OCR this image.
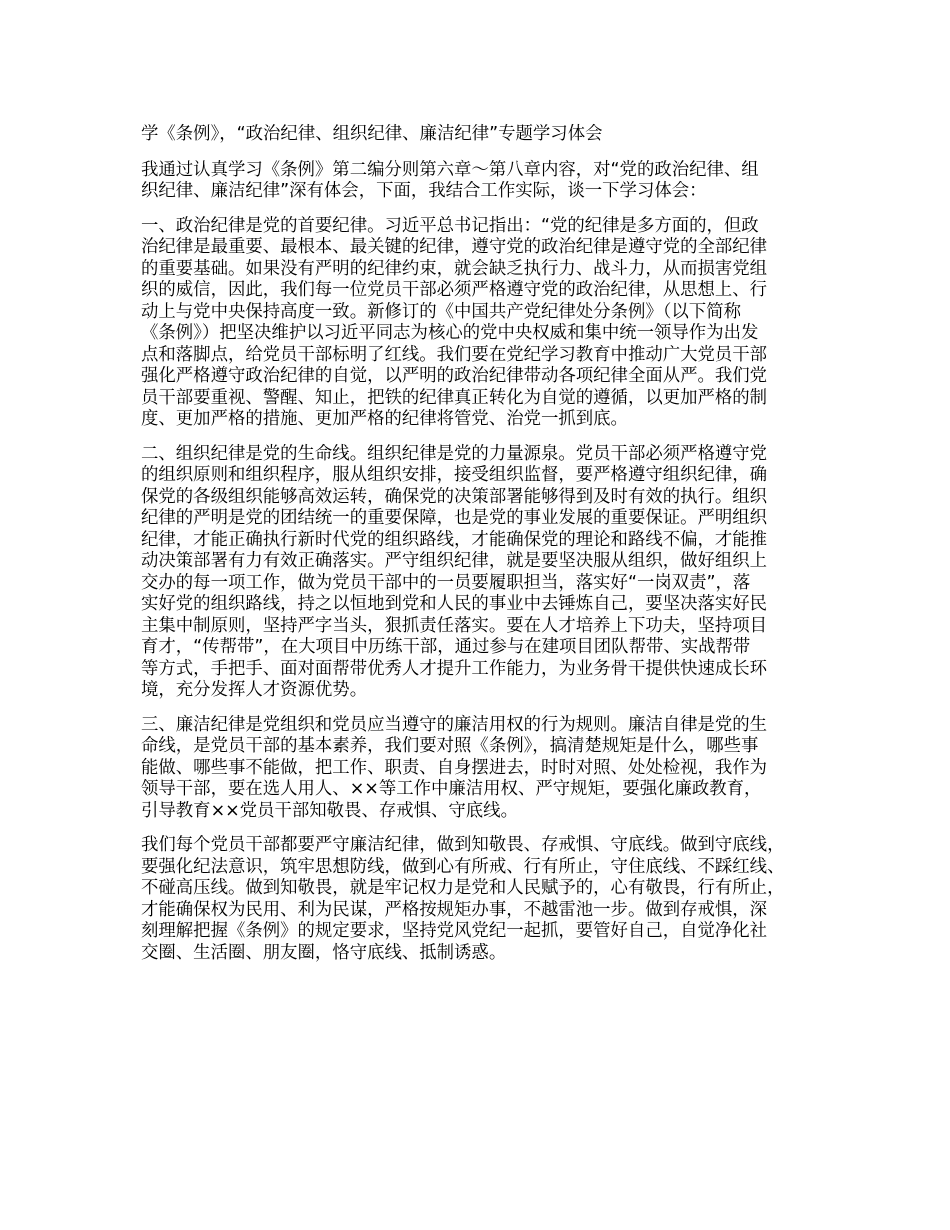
学《条例》，“政治纪律、组织纪律、廉洁纪律”专题学习体会
我通过认真学习《条例》第二编分则第六章～第八章内容，对“党的政治纪律、组
织纪律、廉洁纪律”深有体会，下面，我结合工作实际，谈一下学习体会：
一、政治纪律是党的首要纪律。习近平总书记指出：“党的纪律是多方面的，但政
治纪律是最重要、最根本、最关键的纪律，遵守党的政治纪律是遵守党的全部纪律
的重要基础。如果没有严明的纪律约束，就会缺乏执行力、战斗力，从而损害党组
织的威信，因此，我们每一位党员干部必须严格遵守党的政治纪律，从思想上、行
动上与党中央保持高度一致。新修订的《中国共产党纪律处分条例》（以下简称
《条例》）把坚决维护以习近平同志为核心的党中央权威和集中统一领导作为出发
点和落脚点，给党员干部标明了红线。我们要在党纪学习教育中推动广大党员干部
强化严格遵守政治纪律的自觉，以严明的政治纪律带动各项纪律全面从严。我们党
员干部要重视、警醒、知止，把铁的纪律真正转化为自觉的遵循，以更加严格的制
度、更加严格的措施、更加严格的纪律将管党、治党一抓到底。
二、组织纪律是党的生命线。组织纪律是党的力量源泉。党员干部必须严格遵守党
的组织原则和组织程序，服从组织安排，接受组织监督，要严格遵守组织纪律，确
保党的各级组织能够高效运转，确保党的决策部署能够得到及时有效的执行。组织
纪律的严明是党的团结统一的重要保障，也是党的事业发展的重要保证。严明组织
纪律，才能正确执行新时代党的组织路线，才能确保党的理论和路线不偏，才能推
动决策部署有力有效正确落实。严守组织纪律，就是要坚决服从组织，做好组织上
交办的每一项工作，做为党员干部中的一员要履职担当，落实好“一岗双责”，落
实好党的组织路线，持之以恒地到党和人民的事业中去锤炼自己，要坚决落实好民
主集中制原则，坚持严字当头，狠抓责任落实。要在人才培养上下功夫，坚持项目
育才，“传帮带”，在大项目中历练干部，通过参与在建项目团队帮带、实战帮带
等方式，手把手、面对面帮带优秀人才提升工作能力，为业务骨干提供快速成长环
境，充分发挥人才资源优势。
三、廉洁纪律是党组织和党员应当遵守的廉洁用权的行为规则。廉洁自律是党的生
命线，是党员干部的基本素养，我们要对照《条例》，搞清楚规矩是什么，哪些事
能做、哪些事不能做，把工作、职责、自身摆进去，时时对照、处处检视，我作为
领导干部，要在选人用人、××等工作中廉洁用权、严守规矩，要强化廉政教育，
引导教育××党员干部知敬畏、存戒惧、守底线。
我们每个党员干部都要严守廉洁纪律，做到知敬畏、存戒惧、守底线。做到守底线，
要强化纪法意识，筑牢思想防线，做到心有所戒、行有所止，守住底线、不踩红线、
不碰高压线。做到知敬畏，就是牢记权力是党和人民赋予的，心有敬畏，行有所止，
才能确保权为民用、利为民谋，严格按规矩办事，不越雷池一步。做到存戒惧，深
刻理解把握《条例》的规定要求，坚持党风党纪一起抓，要管好自己，自觉净化社
交圈、生活圈、朋友圈，恪守底线、抵制诱惑。
